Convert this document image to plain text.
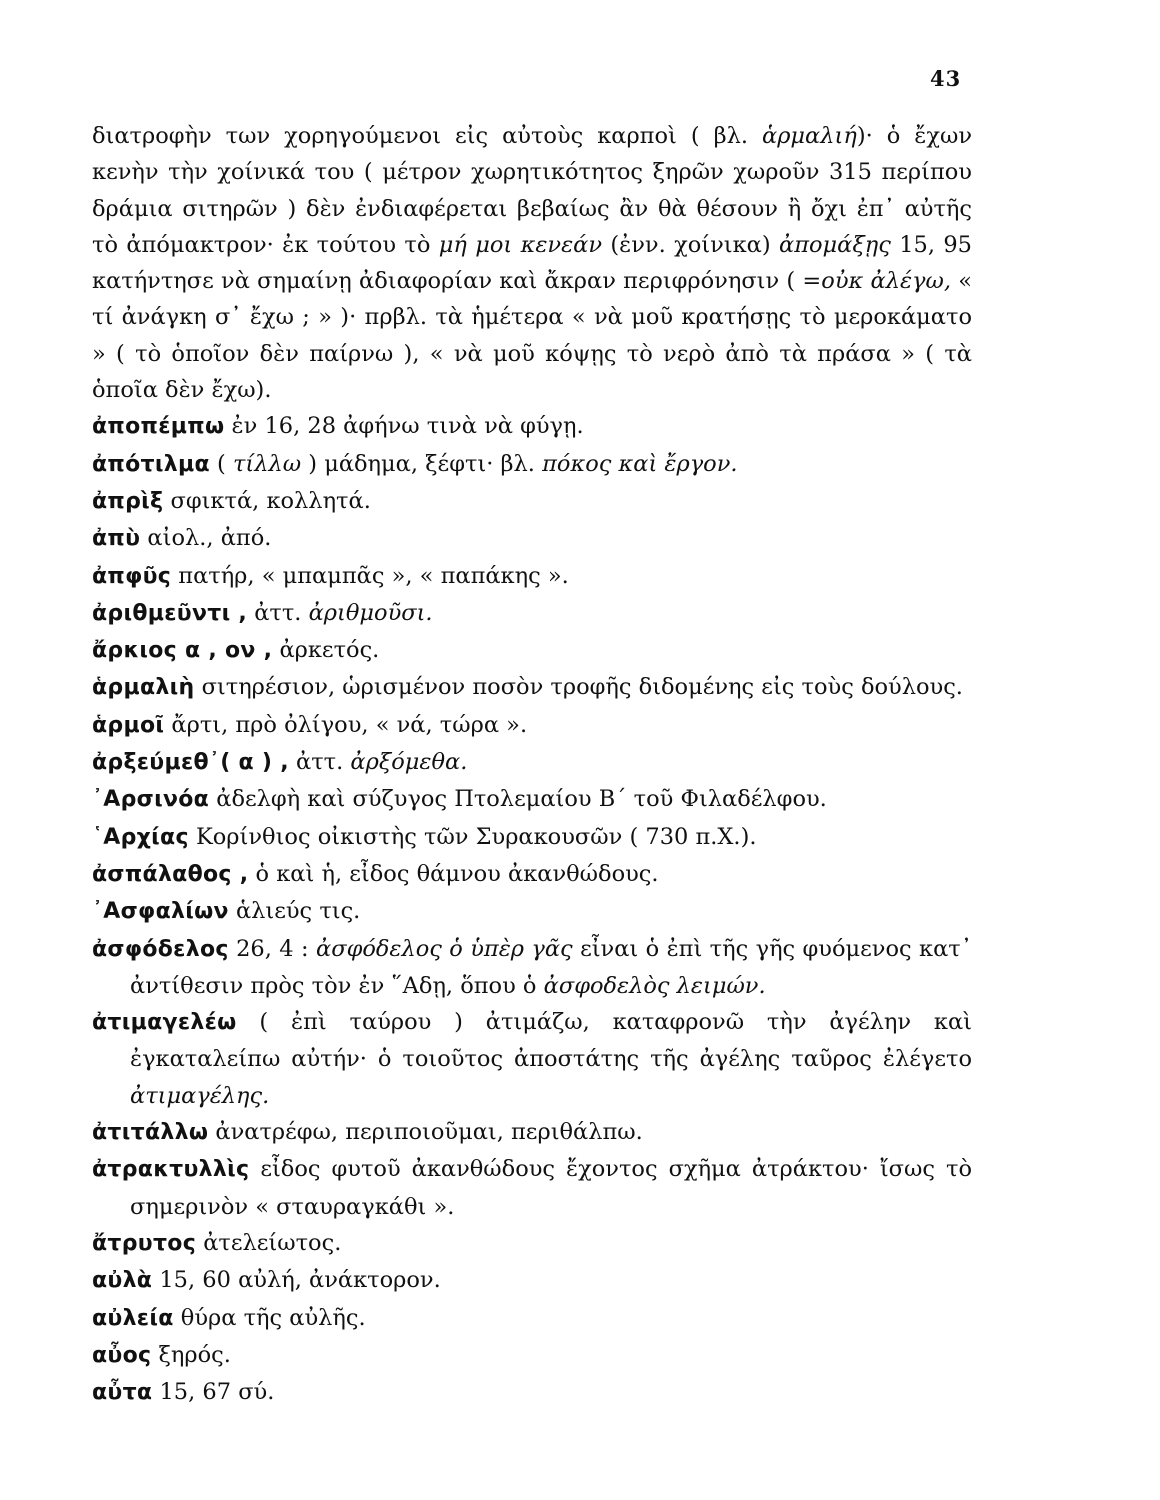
43
διατροφὴν των χορηγούμενοι εἰς αὐτοὺς καρποὶ ( βλ. ἁρμαλιή)· ὁ ἔχων κενὴν τὴν χοίνικά του ( μέτρον χωρητικότητος ξηρῶν χωροῦν 315 περίπου δράμια σιτηρῶν ) δὲν ἐνδιαφέρεται βεβαίως ἂν θὰ θέσουν ἢ ὄχι ἐπ᾽ αὐτῆς τὸ ἀπόμακτρον· ἐκ τούτου τὸ μή μοι κενεάν (ἐνν. χοίνικα) ἀπομάξῃς 15, 95 κατήντησε νὰ σημαίνῃ ἀδιαφορίαν καὶ ἄκραν περιφρόνησιν ( =οὐκ ἀλέγω, « τί ἀνάγκη σ᾽ ἔχω ; » )· πρβλ. τὰ ἡμέτερα « νὰ μοῦ κρατήσῃς τὸ μεροκάματο » ( τὸ ὁποῖον δὲν παίρνω ), « νὰ μοῦ κόψῃς τὸ νερὸ ἀπὸ τὰ πράσα » ( τὰ ὁποῖα δὲν ἔχω).
ἀποπέμπω ἐν 16, 28 ἀφήνω τινὰ νὰ φύγῃ.
ἀπότιλμα ( τίλλω ) μάδημα, ξέφτι· βλ. πόκος καὶ ἔργον.
ἀπρὶξ σφικτά, κολλητά.
ἀπὺ αἰολ., ἀπό.
ἀπφῦς πατήρ, « μπαμπᾶς », « παπάκης ».
ἀριθμεῦντι , ἀττ. ἀριθμοῦσι.
ἄρκιος α , ον , ἀρκετός.
ἁρμαλιὴ σιτηρέσιον, ὡρισμένον ποσὸν τροφῆς διδομένης εἰς τοὺς δούλους.
ἁρμοῖ ἄρτι, πρὸ ὀλίγου, « νά, τώρα ».
ἀρξεύμεθ᾽( α ) , ἀττ. ἀρξόμεθα.
᾽Αρσινόα ἀδελφὴ καὶ σύζυγος Πτολεμαίου Β΄ τοῦ Φιλαδέλφου.
῾Αρχίας Κορίνθιος οἰκιστὴς τῶν Συρακουσῶν ( 730 π.Χ.).
ἀσπάλαθος , ὁ καὶ ἡ, εἶδος θάμνου ἀκανθώδους.
᾽Ασφαλίων ἁλιεύς τις.
ἀσφόδελος 26, 4 : ἀσφόδελος ὁ ὑπὲρ γᾶς εἶναι ὁ ἐπὶ τῆς γῆς φυόμενος κατ᾽ ἀντίθεσιν πρὸς τὸν ἐν ῞Αδῃ, ὅπου ὁ ἀσφοδελὸς λειμών.
ἀτιμαγελέω ( ἐπὶ ταύρου ) ἀτιμάζω, καταφρονῶ τὴν ἀγέλην καὶ ἐγκαταλείπω αὐτήν· ὁ τοιοῦτος ἀποστάτης τῆς ἀγέλης ταῦρος ἐλέγετο ἀτιμαγέλης.
ἀτιτάλλω ἀνατρέφω, περιποιοῦμαι, περιθάλπω.
ἀτρακτυλλὶς εἶδος φυτοῦ ἀκανθώδους ἔχοντος σχῆμα ἀτράκτου· ἴσως τὸ σημερινὸν « σταυραγκάθι ».
ἄτρυτος ἀτελείωτος.
αὐλὰ 15, 60 αὐλή, ἀνάκτορον.
αὐλεία θύρα τῆς αὐλῆς.
αὖος ξηρός.
αὖτα 15, 67 σύ.
